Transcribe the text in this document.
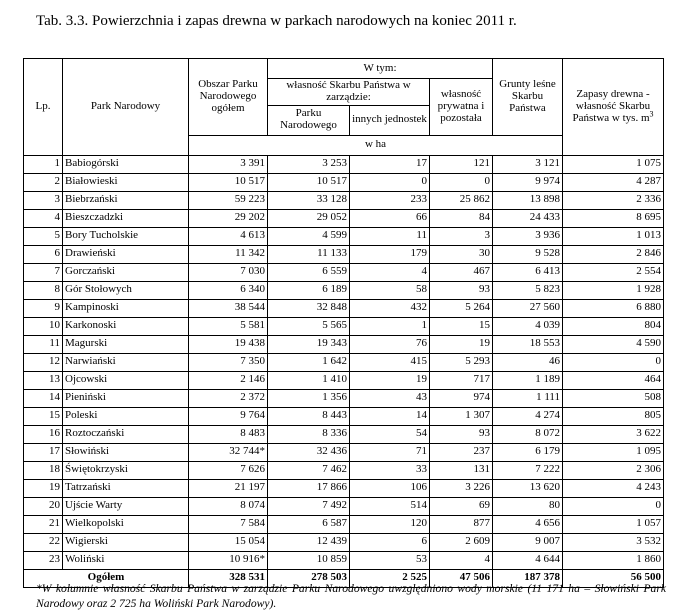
Tab. 3.3. Powierzchnia i zapas drewna w parkach narodowych na koniec 2011 r.
Lp.	Park Narodowy	Obszar Parku Narodowego ogółem	W tym:			Grunty leśne Skarbu Państwa	Zapasy drewna - własność Skarbu Państwa w tys. $m^3$
			własność Skarbu Państwa w zarządzie:		własność prywatna i pozostała		
			Parku Narodowego	innych jednostek			
		w ha					
1	Babiogórski	3 391	3 253	17	121	3 121	1 075
2	Białowieski	10 517	10 517	0	0	9 974	4 287
3	Biebrzański	59 223	33 128	233	25 862	13 898	2 336
4	Bieszczadzki	29 202	29 052	66	84	24 433	8 695
5	Bory Tucholskie	4 613	4 599	11	3	3 936	1 013
6	Drawieński	11 342	11 133	179	30	9 528	2 846
7	Gorczański	7 030	6 559	4	467	6 413	2 554
8	Gór Stołowych	6 340	6 189	58	93	5 823	1 928
9	Kampinoski	38 544	32 848	432	5 264	27 560	6 880
10	Karkonoski	5 581	5 565	1	15	4 039	804
11	Magurski	19 438	19 343	76	19	18 553	4 590
12	Narwiański	7 350	1 642	415	5 293	46	0
13	Ojcowski	2 146	1 410	19	717	1 189	464
14	Pieniński	2 372	1 356	43	974	1 111	508
15	Poleski	9 764	8 443	14	1 307	4 274	805
16	Roztoczański	8 483	8 336	54	93	8 072	3 622
17	Słowiński	32 744*	32 436	71	237	6 179	1 095
18	Świętokrzyski	7 626	7 462	33	131	7 222	2 306
19	Tatrzański	21 197	17 866	106	3 226	13 620	4 243
20	Ujście Warty	8 074	7 492	514	69	80	0
21	Wielkopolski	7 584	6 587	120	877	4 656	1 057
22	Wigierski	15 054	12 439	6	2 609	9 007	3 532
23	Woliński	10 916*	10 859	53	4	4 644	1 860
Ogółem		328 531	278 503	2 525	47 506	187 378	56 500
*W kolumnie własność Skarbu Państwa w zarządzie Parku Narodowego uwzględniono wody morskie (11 171 ha – Słowiński Park Narodowy oraz 2 725 ha Woliński Park Narodowy).
